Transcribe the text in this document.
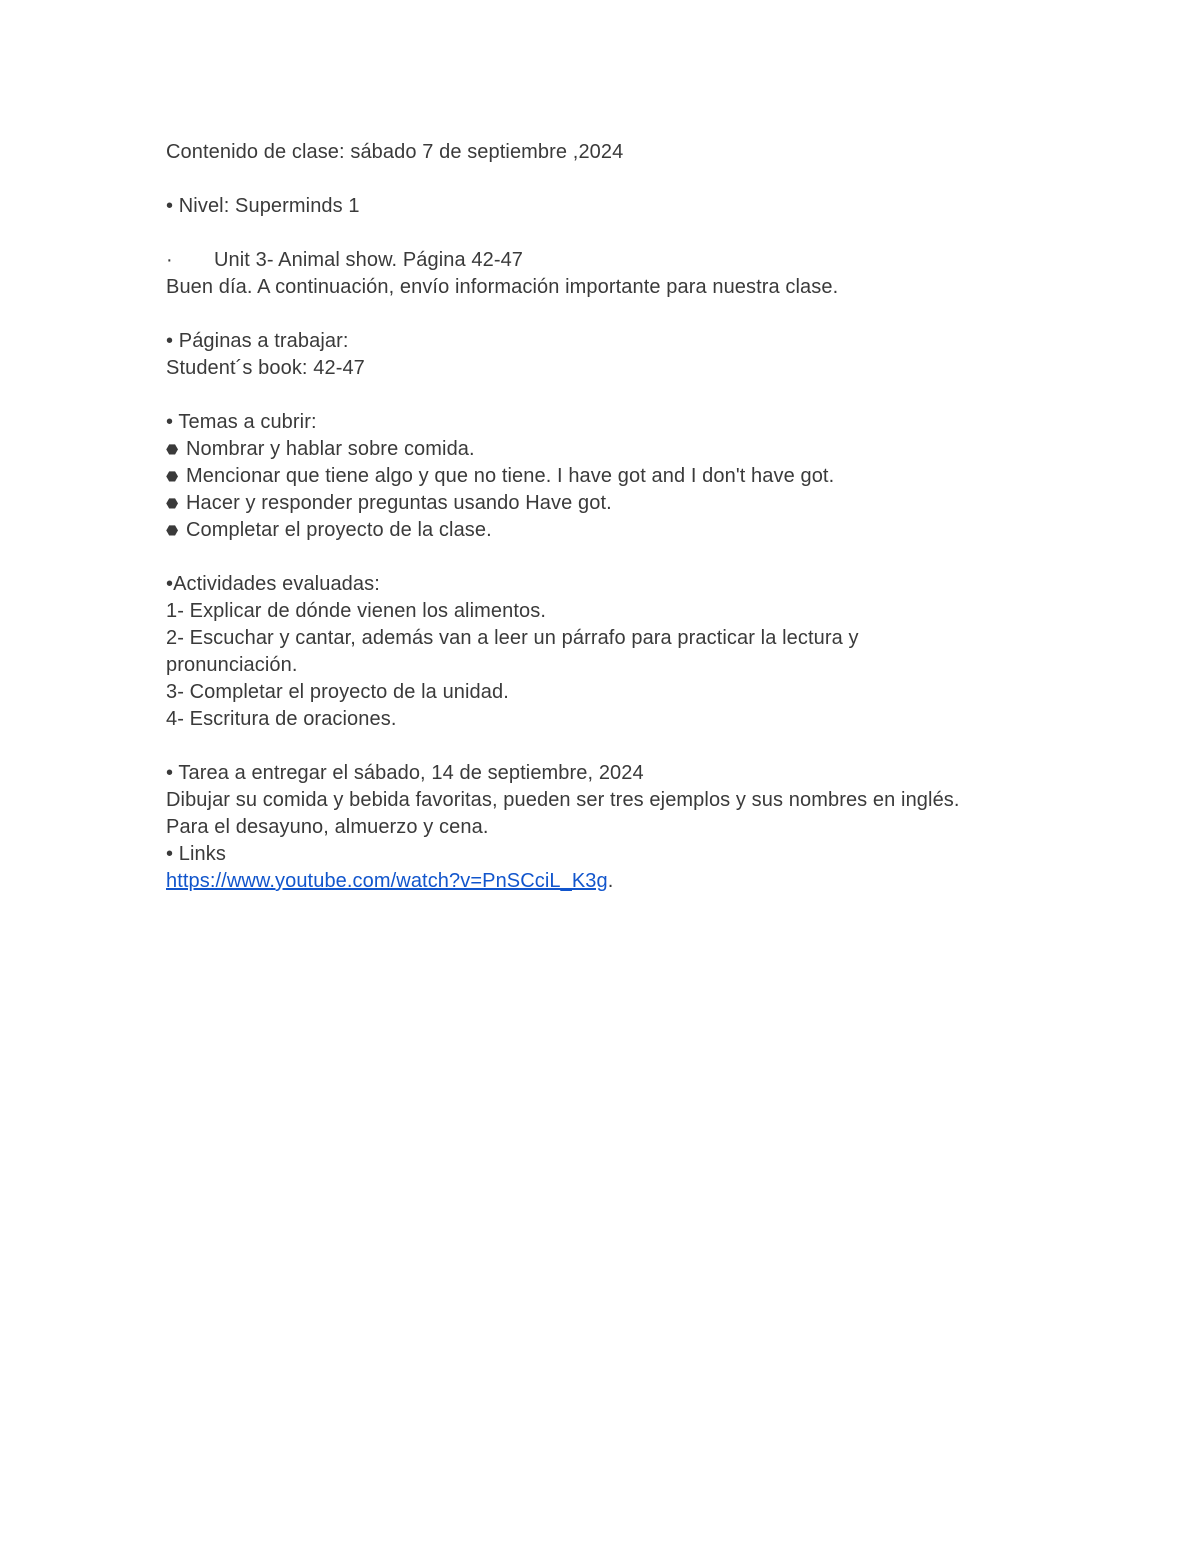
Contenido de clase: sábado 7 de septiembre ,2024
• Nivel: Superminds 1
· Unit 3- Animal show. Página 42-47
Buen día. A continuación, envío información importante para nuestra clase.
• Páginas a trabajar:
Student´s book: 42-47
• Temas a cubrir:
⬣ Nombrar y hablar sobre comida.
⬣ Mencionar que tiene algo y que no tiene. I have got and I don't have got.
⬣ Hacer y responder preguntas usando Have got.
⬣ Completar el proyecto de la clase.
•Actividades evaluadas:
1- Explicar de dónde vienen los alimentos.
2- Escuchar y cantar, además van a leer un párrafo para practicar la lectura y pronunciación.
3- Completar el proyecto de la unidad.
4- Escritura de oraciones.
• Tarea a entregar el sábado, 14 de septiembre, 2024
Dibujar su comida y bebida favoritas, pueden ser tres ejemplos y sus nombres en inglés.
Para el desayuno, almuerzo y cena.
• Links
https://www.youtube.com/watch?v=PnSCciL_K3g.
